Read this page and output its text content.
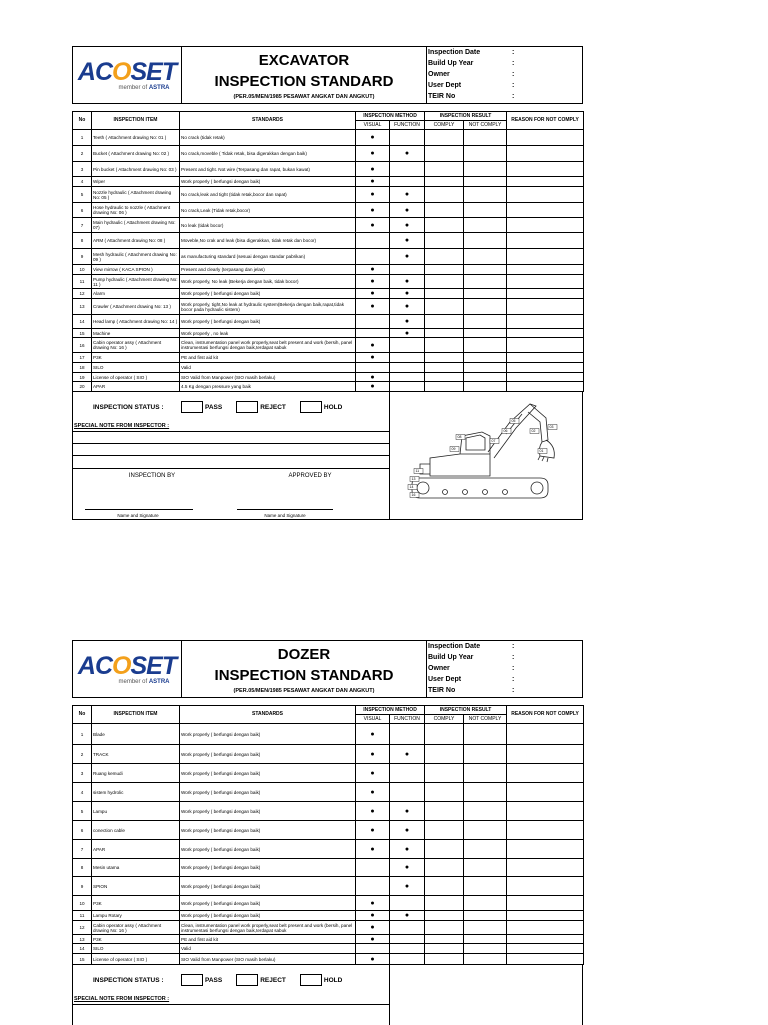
ACOSET
member of ASTRA
EXCAVATOR
INSPECTION STANDARD
(PER.05/MEN/1985 PESAWAT ANGKAT DAN ANGKUT)
Inspection Date	:
Build Up Year	:
Owner	:
User Dept	:
TEIR No	:
No	INSPECTION ITEM	STANDARDS	INSPECTION METHOD		INSPECTION RESULT		REASON FOR NOT COMPLY
			VISUAL	FUNCTION	COMPLY	NOT COMPLY	
1	Teeth ( Attachment drawing No: 01 )	No crack (tidak retak)	●				
2	Bucket ( Attachment drawing No: 02 )	No crack,moveble ( Tidak retak, bisa digerakkan dengan baik)	●	●			
3	Pin bucket ( Attachment drawing No: 03 )	Present and tight. Not wire (Terpasang dan rapat, bukan kawat)	●				
4	Wiper	Work properly ( berfungsi dengan baik)	●				
5	Nozzle hydraulic ( Attachment drawing No: 05 )	No crack,leak and tight (tidak retak,bocor dan rapat)	●	●			
6	Hose hydraulic to nozzle ( Attachment drawing No: 06 )	No crack,Leak (Tidak retak,bocor)	●	●			
7	Main hydraulic ( Attachment drawing No: 07)	No leak (tidak bocor)	●	●			
8	ARM ( Attachment drawing No: 08 )	Moveble,No crak and leak (bisa digerakkan, tidak retak dan bocor)		●			
9	Mesh hydraulic ( Attachment drawing No: 09 )	as manufacturing standard (sesuai dengan standar pabrikan)		●			
10	View mirrow ( KACA SPION )	Present and clearly (terpasang dan jelas)	●				
11	Pump hydraulic ( Attachment drawing No: 11 )	Work properly, No leak (Bekerja dengan baik, tidak bocor)	●	●			
12	Alarm	Work properly ( berfungsi dengan baik)	●	●			
13	Crawler ( Attachment drawing No: 13 )	Work properly, tight,No leak at hydraulic system(Bekerja dengan baik,rapat,tidak bocor pada hydraulic sistem)	●	●			
14	Head lamp ( Attachment drawing No: 14 )	Work properly ( berfungsi dengan baik)		●			
15	Machine	Work properly , no leak		●			
16	Cabin operator assy ( Attachment drawing No: 16 )	Clean, instrumentation panel work properly,seat belt present and work (bersih, panel instrumentasi berfungsi dengan baik,terdapat sabuk	●				
17	P3K	PE and first aid kit	●				
18	SILO	Valid					
19	License of operator ( SIO )	SIO Valid from Manpower (SIO masih berlaku)	●				
20	APAR	4.5 Kg dengan pressure yang baik	●				
INSPECTION STATUS :	PASS	REJECT	HOLD
SPECIAL NOTE FROM INSPECTOR :
INSPECTION BY
Name and Signature
APPROVED BY
Name and Signature
01
02
03
05
06
07
08
09
11
13
14
16
ACOSET
member of ASTRA
DOZER
INSPECTION STANDARD
(PER.05/MEN/1985 PESAWAT ANGKAT DAN ANGKUT)
Inspection Date	:
Build Up Year	:
Owner	:
User Dept	:
TEIR No	:
No	INSPECTION ITEM	STANDARDS	INSPECTION METHOD		INSPECTION RESULT		REASON FOR NOT COMPLY
			VISUAL	FUNCTION	COMPLY	NOT COMPLY	
1	Blade	Work properly ( berfungsi dengan baik)	●				
2	TRACK	Work properly ( berfungsi dengan baik)	●	●			
3	Ruang kemudi	Work properly ( berfungsi dengan baik)	●				
4	sistem hydrolic	Work properly ( berfungsi dengan baik)	●				
5	Lampu	Work properly ( berfungsi dengan baik)	●	●			
6	conection cable	Work properly ( berfungsi dengan baik)	●	●			
7	APAR	Work properly ( berfungsi dengan baik)	●	●			
8	Mesin utama	Work properly ( berfungsi dengan baik)		●			
9	SPION	Work properly ( berfungsi dengan baik)		●			
10	P3K	Work properly ( berfungsi dengan baik)	●				
11	Lampu Rotary	Work properly ( berfungsi dengan baik)	●	●			
12	Cabin operator assy ( Attachment drawing No: 16 )	Clean, instrumentation panel work properly,seat belt present and work (bersih, panel instrumentasi berfungsi dengan baik,terdapat sabuk	●				
13	P3K	PE and first aid kit	●				
14	SILO	Valid					
15	License of operator ( SIO )	SIO Valid from Manpower (SIO masih berlaku)	●				
INSPECTION STATUS :	PASS	REJECT	HOLD
SPECIAL NOTE FROM INSPECTOR :
